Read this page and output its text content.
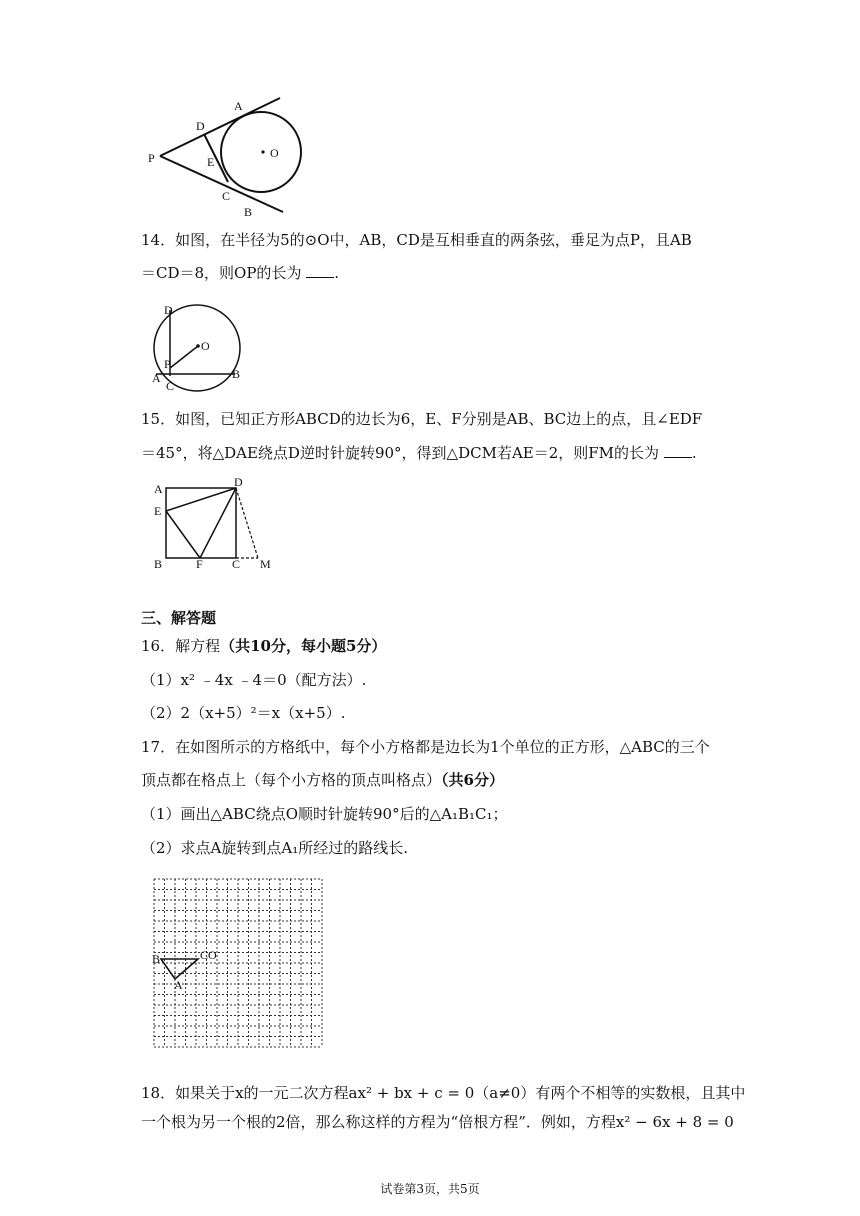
P
D
A
E
C
B
O
14．如图，在半径为5的⊙O中，AB，CD是互相垂直的两条弦，垂足为点P，且AB
＝CD＝8，则OP的长为 .
D
O
P
A
C
B
15．如图，已知正方形ABCD的边长为6，E、F分别是AB、BC边上的点，且∠EDF
＝45°，将△DAE绕点D逆时针旋转90°，得到△DCM若AE＝2，则FM的长为 .
A	D
E
B	F C M
三、解答题
16．解方程（共10分，每小题5分）
（1）x² ﹣4x ﹣4＝0（配方法）.
（2）2（x+5）²＝x（x+5）.
17．在如图所示的方格纸中，每个小方格都是边长为1个单位的正方形，△ABC的三个
顶点都在格点上（每个小方格的顶点叫格点）（共6分）
（1）画出△ABC绕点O顺时针旋转90°后的△A₁B₁C₁；
（2）求点A旋转到点A₁所经过的路线长.
B	C O
A
18．如果关于x的一元二次方程ax² + bx + c = 0（a≠0）有两个不相等的实数根，且其中
一个根为另一个根的2倍，那么称这样的方程为“倍根方程”．例如，方程x² − 6x + 8 = 0
试卷第3页，共5页
